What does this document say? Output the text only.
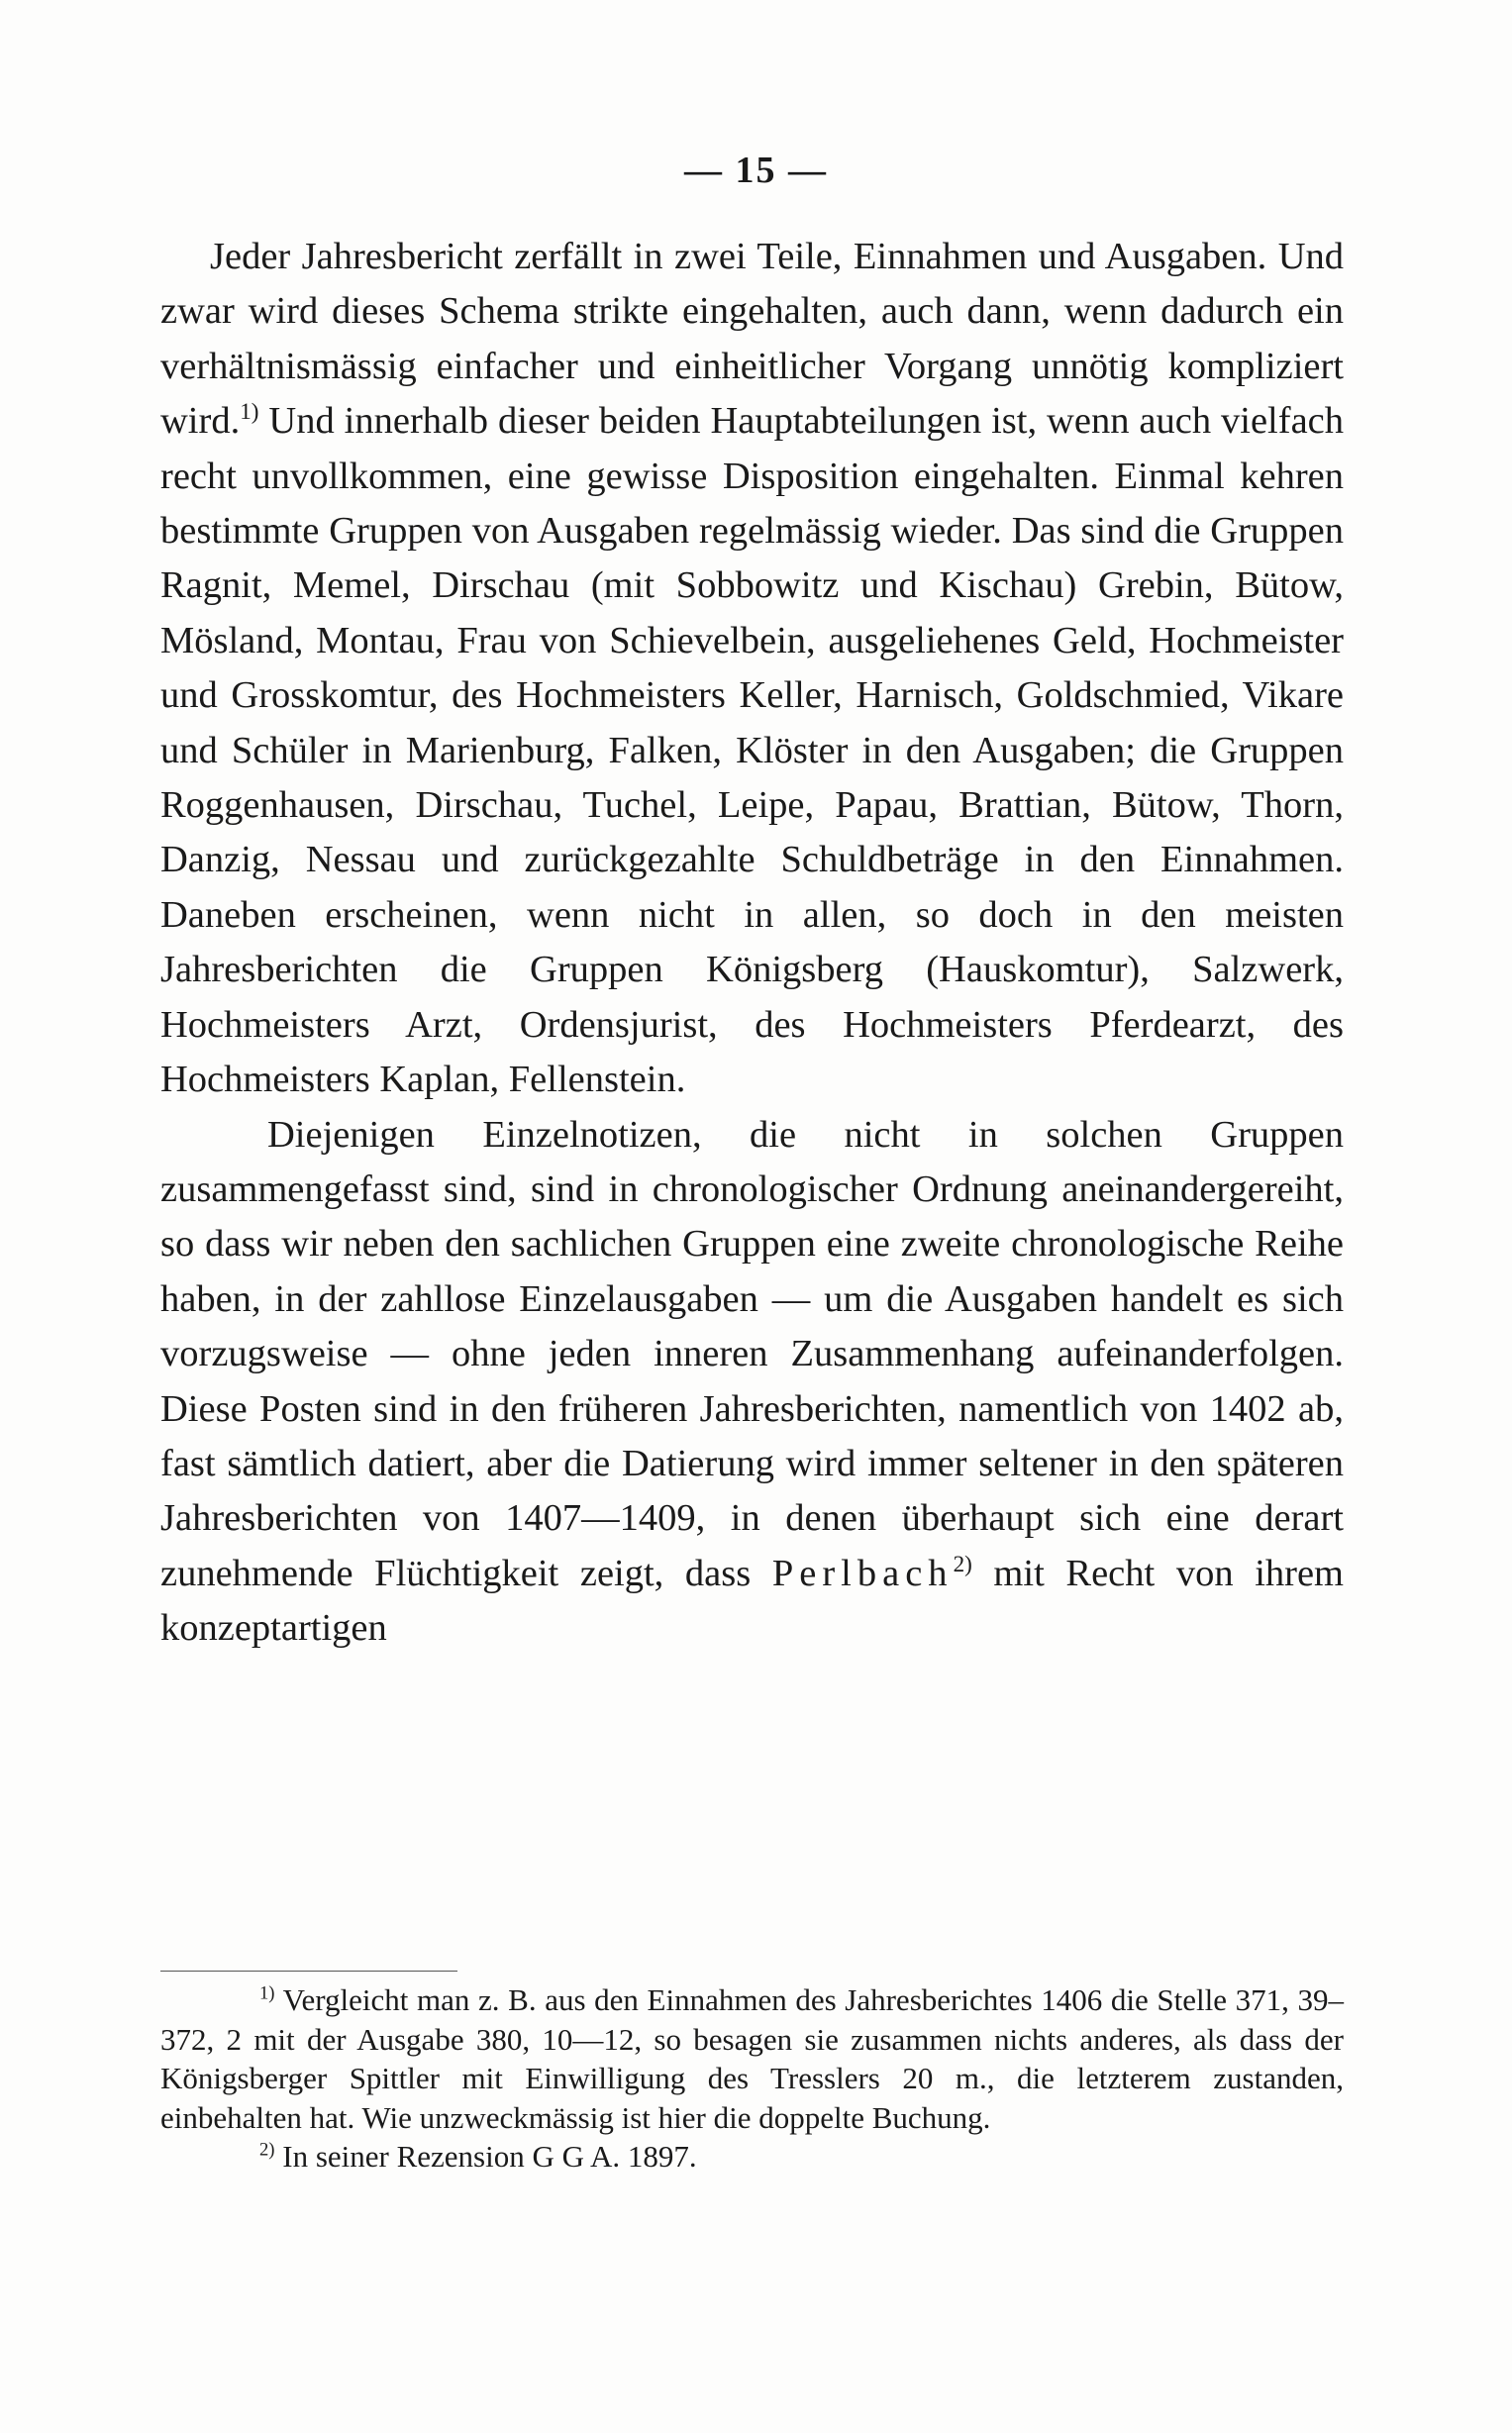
— 15 —

Jeder Jahresbericht zerfällt in zwei Teile, Einnahmen und Ausgaben. Und zwar wird dieses Schema strikte eingehalten, auch dann, wenn dadurch ein verhältnismässig einfacher und einheitlicher Vorgang unnötig kompliziert wird.$^{1)}$ Und innerhalb dieser beiden Hauptabteilungen ist, wenn auch vielfach recht unvollkommen, eine gewisse Disposition eingehalten. Einmal kehren bestimmte Gruppen von Ausgaben regelmässig wieder. Das sind die Gruppen Ragnit, Memel, Dirschau (mit Sobbowitz und Kischau) Grebin, Bütow, Mösland, Montau, Frau von Schievelbein, ausgeliehenes Geld, Hochmeister und Grosskomtur, des Hochmeisters Keller, Harnisch, Goldschmied, Vikare und Schüler in Marienburg, Falken, Klöster in den Ausgaben; die Gruppen Roggenhausen, Dirschau, Tuchel, Leipe, Papau, Brattian, Bütow, Thorn, Danzig, Nessau und zurückgezahlte Schuldbeträge in den Einnahmen. Daneben erscheinen, wenn nicht in allen, so doch in den meisten Jahresberichten die Gruppen Königsberg (Hauskomtur), Salzwerk, Hochmeisters Arzt, Ordensjurist, des Hochmeisters Pferdearzt, des Hochmeisters Kaplan, Fellenstein.

Diejenigen Einzelnotizen, die nicht in solchen Gruppen zusammengefasst sind, sind in chronologischer Ordnung aneinandergereiht, so dass wir neben den sachlichen Gruppen eine zweite chronologische Reihe haben, in der zahllose Einzelausgaben — um die Ausgaben handelt es sich vorzugsweise — ohne jeden inneren Zusammenhang aufeinanderfolgen. Diese Posten sind in den früheren Jahresberichten, namentlich von 1402 ab, fast sämtlich datiert, aber die Datierung wird immer seltener in den späteren Jahresberichten von 1407—1409, in denen überhaupt sich eine derart zunehmende Flüchtigkeit zeigt, dass Perlbach$^{2)}$ mit Recht von ihrem konzeptartigen

$^{1)}$ Vergleicht man z. B. aus den Einnahmen des Jahresberichtes 1406 die Stelle 371, 39–372, 2 mit der Ausgabe 380, 10—12, so besagen sie zusammen nichts anderes, als dass der Königsberger Spittler mit Einwilligung des Tresslers 20 m., die letzterem zustanden, einbehalten hat. Wie unzweckmässig ist hier die doppelte Buchung.

$^{2)}$ In seiner Rezension G G A. 1897.
